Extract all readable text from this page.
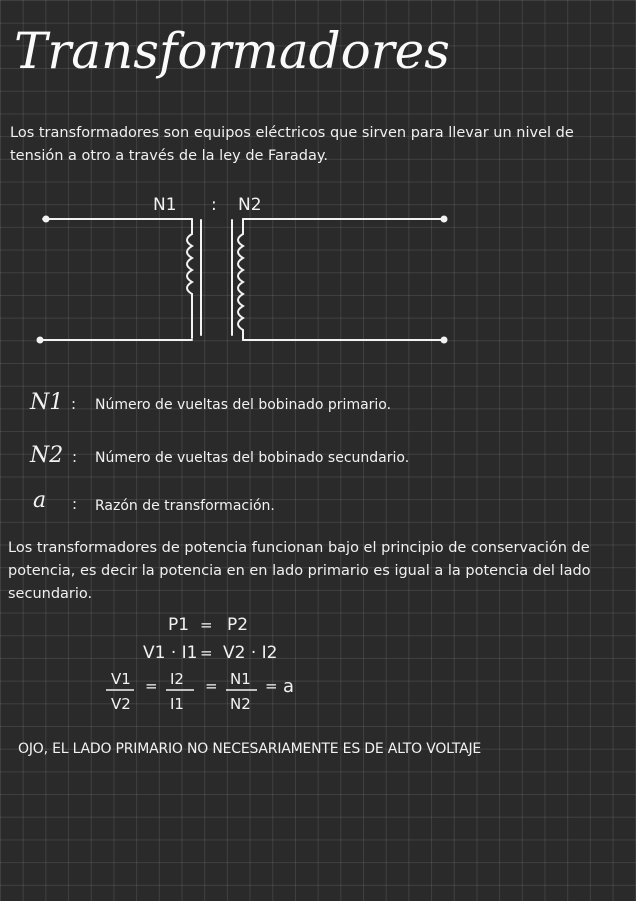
Transformadores
Los transformadores son equipos eléctricos que sirven para llevar un nivel de tensión a otro a través de la ley de Faraday.
N1 : N2
N1 : Número de vueltas del bobinado primario.
N2 : Número de vueltas del bobinado secundario.
a : Razón de transformación.
Los transformadores de potencia funcionan bajo el principio de conservación de potencia, es decir la potencia en en lado primario es igual a la potencia del lado secundario.
P1 = P2
V1 · I1 = V2 · I2
V1
V2
= I2
I1
= N1
N2
= a
OJO, EL LADO PRIMARIO NO NECESARIAMENTE ES DE ALTO VOLTAJE
